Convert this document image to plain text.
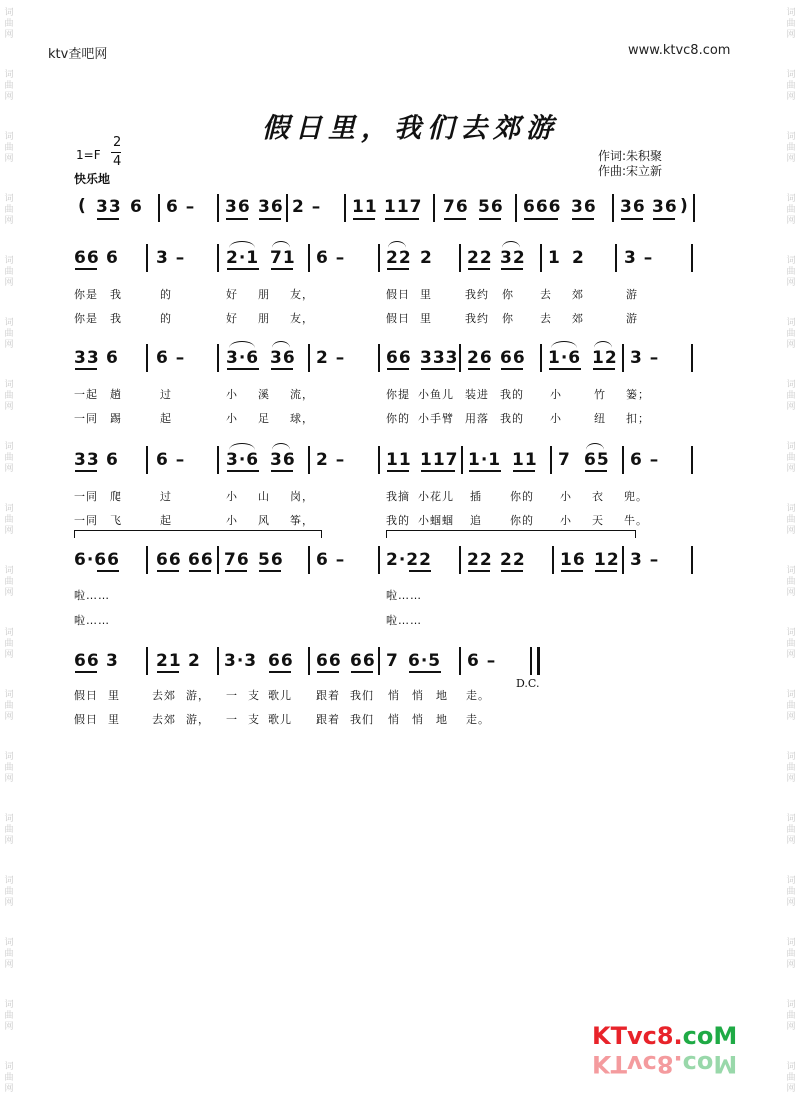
词
曲
网
词
曲
网
词
曲
网
词
曲
网
词
曲
网
词
曲
网
词
曲
网
词
曲
网
词
曲
网
词
曲
网
词
曲
网
词
曲
网
词
曲
网
词
曲
网
词
曲
网
词
曲
网
词
曲
网
词
曲
网
词
曲
网
词
曲
网
词
曲
网
词
曲
网
词
曲
网
词
曲
网
词
曲
网
词
曲
网
词
曲
网
词
曲
网
词
曲
网
词
曲
网
词
曲
网
词
曲
网
词
曲
网
词
曲
网
词
曲
网
词
曲
网
ktv查吧网	www.ktvc8.com
假日里，我们去郊游
1=F
2
4
快乐地
作词:朱积聚
作曲:宋立新
( 33 6 6 – 36 36 2 – 11 117 76 56 666 36 36 36 )
66 6 3 – 2·1 71 6 – 22 2 22 32 1 2 3 –
你是 我	的	好 朋 友，	假日 里	我约 你 去 郊	游
你是 我	的	好 朋 友，	假日 里	我约 你 去 郊	游
33 6 6 – 3·6 36 2 – 66 333 26 66 1·6 12 3 –
一起 趟	过	小 溪 流，	你提 小鱼儿 装进 我的 小	竹 篓；
一同 踢	起	小 足 球，	你的 小手臂 用落 我的 小	纽 扣；
33 6 6 – 3·6 36 2 – 11 117 1·1 11 7 65 6 –
一同 爬	过	小 山 岗，	我摘 小花儿 插	你的 小 衣 兜。
一同 飞	起	小 风 筝，	我的 小蝈蝈 追	你的 小 天 牛。
6·66 66 66 76 56 6 – 2·22 22 22 16 12 3 –
啦……	啦……
啦……	啦……
66 3 21 2 3·3 66 66 66 7 6·5 6 –
D.C.
假日 里	去郊 游， 一 支 歌儿 跟着 我们 悄 悄 地 走。
假日 里	去郊 游， 一 支 歌儿 跟着 我们 悄 悄 地 走。
KTvc8.coM
KTvc8.coM
